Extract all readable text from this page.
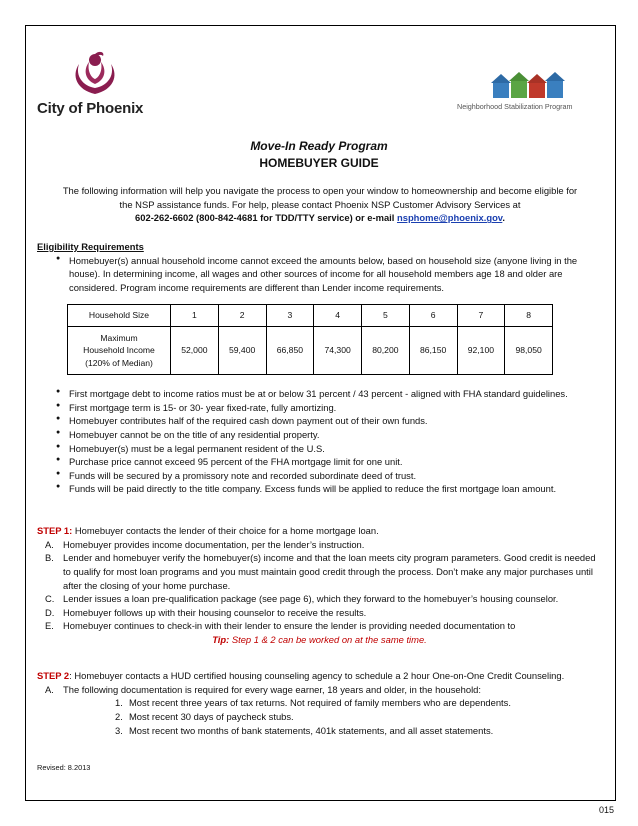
City of Phoenix	Neighborhood Stabilization Program
Move-In Ready Program
HOMEBUYER GUIDE
The following information will help you navigate the process to open your window to homeownership and become eligible for the NSP assistance funds. For help, please contact Phoenix NSP Customer Advisory Services at
602-262-6602 (800-842-4681 for TDD/TTY service) or e-mail nsphome@phoenix.gov.
Eligibility Requirements
● Homebuyer(s) annual household income cannot exceed the amounts below, based on household size (anyone living in the house). In determining income, all wages and other sources of income for all household members age 18 and older are considered. Program income requirements are different than Lender income requirements.
Household Size	1	2	3	4	5	6	7	8

Maximum
Household Income
(120% of Median)	52,000	59,400	66,850	74,300	80,200	86,150	92,100	98,050
● First mortgage debt to income ratios must be at or below 31 percent / 43 percent - aligned with FHA standard guidelines.
● First mortgage term is 15- or 30- year fixed-rate, fully amortizing.
● Homebuyer contributes half of the required cash down payment out of their own funds.
● Homebuyer cannot be on the title of any residential property.
● Homebuyer(s) must be a legal permanent resident of the U.S.
● Purchase price cannot exceed 95 percent of the FHA mortgage limit for one unit.
● Funds will be secured by a promissory note and recorded subordinate deed of trust.
● Funds will be paid directly to the title company. Excess funds will be applied to reduce the first mortgage loan amount.
STEP 1: Homebuyer contacts the lender of their choice for a home mortgage loan.
A. Homebuyer provides income documentation, per the lender’s instruction.
B. Lender and homebuyer verify the homebuyer(s) income and that the loan meets city program parameters. Good credit is needed to qualify for most loan programs and you must maintain good credit through the process. Don’t make any major purchases until after the closing of your home purchase.
C. Lender issues a loan pre-qualification package (see page 6), which they forward to the homebuyer’s housing counselor.
D. Homebuyer follows up with their housing counselor to receive the results.
E. Homebuyer continues to check-in with their lender to ensure the lender is providing needed documentation to
Tip: Step 1 & 2 can be worked on at the same time.
STEP 2: Homebuyer contacts a HUD certified housing counseling agency to schedule a 2 hour One-on-One Credit Counseling.
A. The following documentation is required for every wage earner, 18 years and older, in the household:
1. Most recent three years of tax returns. Not required of family members who are dependents.
2. Most recent 30 days of paycheck stubs.
3. Most recent two months of bank statements, 401k statements, and all asset statements.
Revised: 8.2013
015
